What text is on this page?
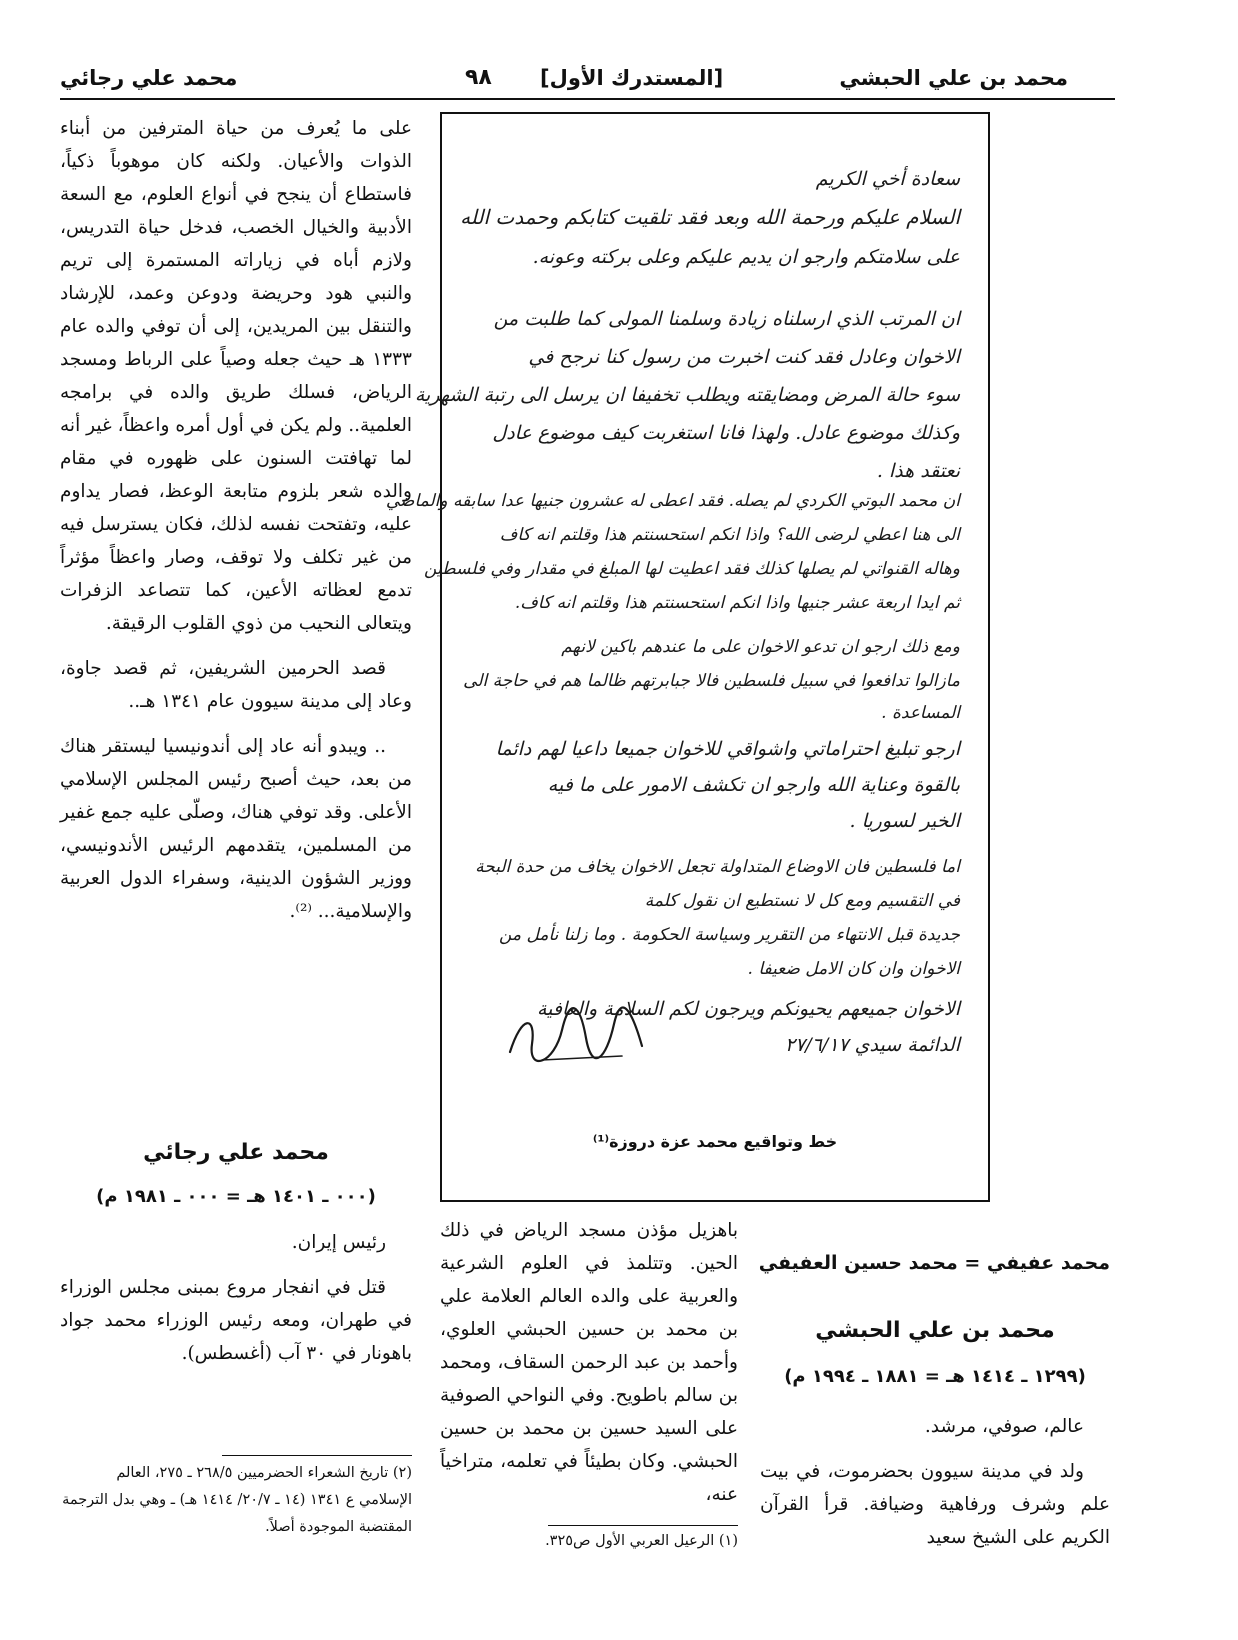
محمد بن علي الحبشي
[المستدرك الأول]
٩٨
محمد علي رجائي

على ما يُعرف من حياة المترفين من أبناء الذوات والأعيان. ولكنه كان موهوباً ذكياً، فاستطاع أن ينجح في أنواع العلوم، مع السعة الأدبية والخيال الخصب، فدخل حياة التدريس، ولازم أباه في زياراته المستمرة إلى تريم والنبي هود وحريضة ودوعن وعمد، للإرشاد والتنقل بين المريدين، إلى أن توفي والده عام ١٣٣٣ هـ حيث جعله وصياً على الرباط ومسجد الرياض، فسلك طريق والده في برامجه العلمية.. ولم يكن في أول أمره واعظاً، غير أنه لما تهافتت السنون على ظهوره في مقام والده شعر بلزوم متابعة الوعظ، فصار يداوم عليه، وتفتحت نفسه لذلك، فكان يسترسل فيه من غير تكلف ولا توقف، وصار واعظاً مؤثراً تدمع لعظاته الأعين، كما تتصاعد الزفرات ويتعالى النحيب من ذوي القلوب الرقيقة.

قصد الحرمين الشريفين، ثم قصد جاوة، وعاد إلى مدينة سيوون عام ١٣٤١ هـ..

.. ويبدو أنه عاد إلى أندونيسيا ليستقر هناك من بعد، حيث أصبح رئيس المجلس الإسلامي الأعلى. وقد توفي هناك، وصلّى عليه جمع غفير من المسلمين، يتقدمهم الرئيس الأندونيسي، ووزير الشؤون الدينية، وسفراء الدول العربية والإسلامية... ⁽²⁾.

محمد علي رجائي
(٠٠٠ ـ ١٤٠١ هـ = ٠٠٠ ـ ١٩٨١ م)

رئيس إيران.

قتل في انفجار مروع بمبنى مجلس الوزراء في طهران، ومعه رئيس الوزراء محمد جواد باهونار في ٣٠ آب (أغسطس).

(٢) تاريخ الشعراء الحضرميين ٢٦٨/٥ ـ ٢٧٥، العالم الإسلامي ع ١٣٤١ (١٤ ـ ٢٠/٧/ ١٤١٤ هـ) ـ وهي بدل الترجمة المقتضبة الموجودة أصلاً.

سعادة أخي الكريم
السلام عليكم ورحمة الله وبعد فقد تلقيت كتابكم وحمدت الله
على سلامتكم وارجو ان يديم عليكم وعلى بركته وعونه.
ان المرتب الذي ارسلناه زيادة وسلمنا المولى كما طلبت من
الاخوان وعادل فقد كنت اخبرت من رسول كنا نرجح في
سوء حالة المرض ومضايقته ويطلب تخفيفا ان يرسل الى رتبة الشهرية
وكذلك موضوع عادل. ولهذا فانا استغربت كيف موضوع عادل
نعتقد هذا .
ان محمد البوتي الكردي لم يصله. فقد اعطى له عشرون جنيها عدا سابقه والماضي
الى هنا اعطي لرضى الله؟ واذا انكم استحسنتم هذا وقلتم انه كاف
وهاله القنواتي لم يصلها كذلك فقد اعطيت لها المبلغ في مقدار وفي فلسطين
ثم ايدا اربعة عشر جنيها واذا انكم استحسنتم هذا وقلتم انه كاف.
ومع ذلك ارجو ان تدعو الاخوان على ما عندهم باكين لانهم
مازالوا تدافعوا في سبيل فلسطين فالا جبابرتهم ظالما هم في حاجة الى
المساعدة .
ارجو تبليغ احتراماتي واشواقي للاخوان جميعا داعيا لهم دائما
بالقوة وعناية الله وارجو ان تكشف الامور على ما فيه
الخير لسوريا .
اما فلسطين فان الاوضاع المتداولة تجعل الاخوان يخاف من حدة البحة
في التقسيم ومع كل لا نستطيع ان نقول كلمة
جديدة قبل الانتهاء من التقرير وسياسة الحكومة . وما زلنا نأمل من
الاخوان وان كان الامل ضعيفا .
الاخوان جميعهم يحيونكم ويرجون لكم السلامة والعافية
الدائمة سيدي ٢٧/٦/١٧
خط وتواقيع محمد عزة دروزة⁽¹⁾

باهزيل مؤذن مسجد الرياض في ذلك الحين. وتتلمذ في العلوم الشرعية والعربية على والده العالم العلامة علي بن محمد بن حسين الحبشي العلوي، وأحمد بن عبد الرحمن السقاف، ومحمد بن سالم باطويح. وفي النواحي الصوفية على السيد حسين بن محمد بن حسين الحبشي. وكان بطيئاً في تعلمه، متراخياً عنه،

(١) الرعيل العربي الأول ص٣٢٥.

محمد عفيفي = محمد حسين العفيفي
محمد بن علي الحبشي
(١٢٩٩ ـ ١٤١٤ هـ = ١٨٨١ ـ ١٩٩٤ م)

عالم، صوفي، مرشد.

ولد في مدينة سيوون بحضرموت، في بيت علم وشرف ورفاهية وضيافة. قرأ القرآن الكريم على الشيخ سعيد
